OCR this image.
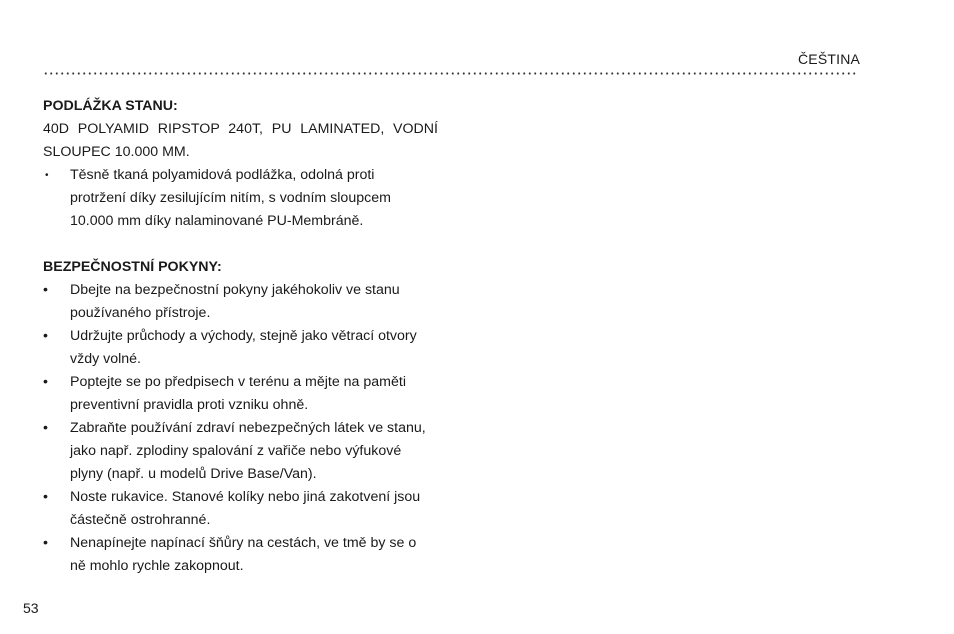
ČEŠTINA

PODLÁŽKA STANU:

40D POLYAMID RIPSTOP 240T, PU LAMINATED, VODNÍ SLOUPEC 10.000 MM.

• Těsně tkaná polyamidová podlážka, odolná proti protržení díky zesilujícím nitím, s vodním sloupcem 10.000 mm díky nalaminované PU-Membráně.

BEZPEČNOSTNÍ POKYNY:

• Dbejte na bezpečnostní pokyny jakéhokoliv ve stanu používaného přístroje.
• Udržujte průchody a východy, stejně jako větrací otvory vždy volné.
• Poptejte se po předpisech v terénu a mějte na paměti preventivní pravidla proti vzniku ohně.
• Zabraňte používání zdraví nebezpečných látek ve stanu, jako např. zplodiny spalování z vařiče nebo výfukové plyny (např. u modelů Drive Base/Van).
• Noste rukavice. Stanové kolíky nebo jiná zakotvení jsou částečně ostrohranné.
• Nenapínejte napínací šňůry na cestách, ve tmě by se o ně mohlo rychle zakopnout.
53
